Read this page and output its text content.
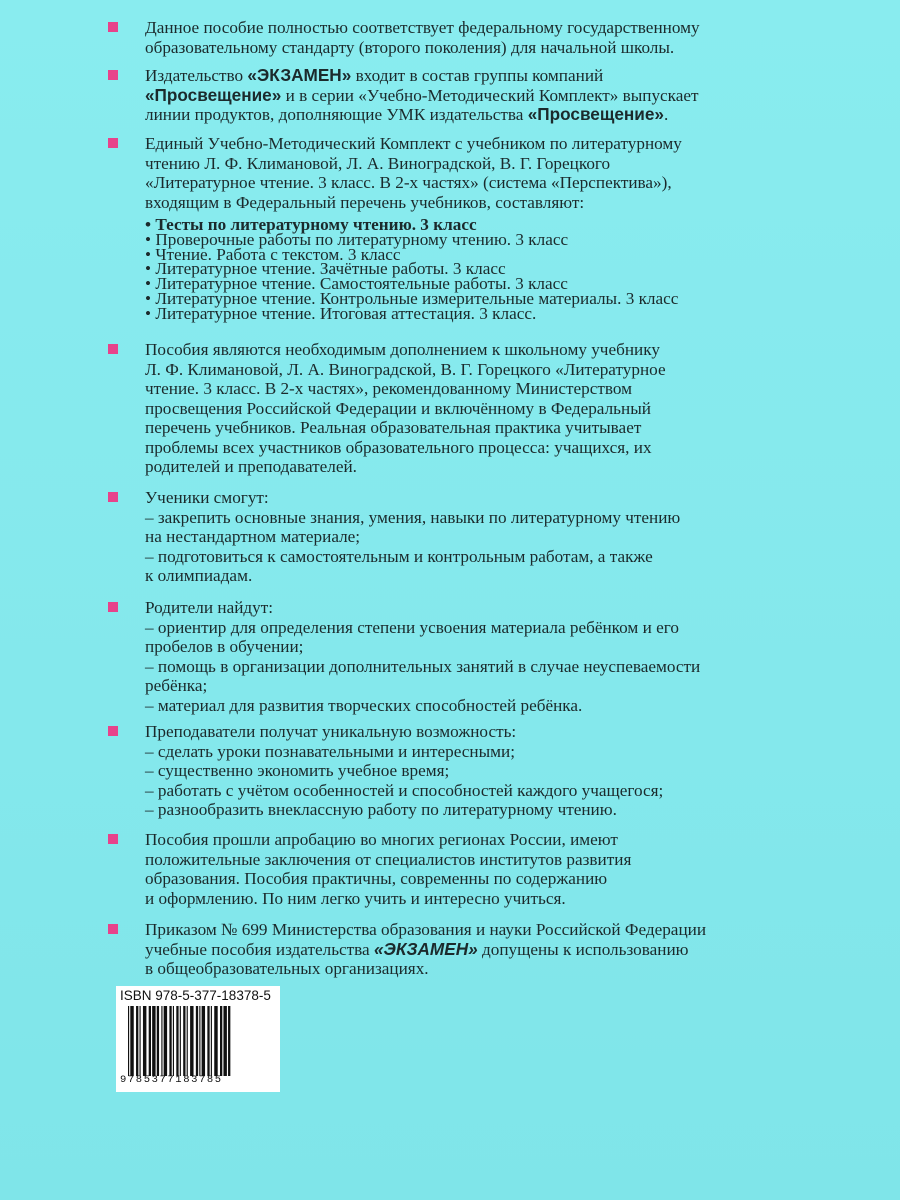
Данное пособие полностью соответствует федеральному государственному
образовательному стандарту (второго поколения) для начальной школы.
Издательство «ЭКЗАМЕН» входит в состав группы компаний
«Просвещение» и в серии «Учебно-Методический Комплект» выпускает
линии продуктов, дополняющие УМК издательства «Просвещение».
Единый Учебно-Методический Комплект с учебником по литературному
чтению Л. Ф. Климановой, Л. А. Виноградской, В. Г. Горецкого
«Литературное чтение. 3 класс. В 2-х частях» (система «Перспектива»),
входящим в Федеральный перечень учебников, составляют:
• Тесты по литературному чтению. 3 класс
• Проверочные работы по литературному чтению. 3 класс
• Чтение. Работа с текстом. 3 класс
• Литературное чтение. Зачётные работы. 3 класс
• Литературное чтение. Самостоятельные работы. 3 класс
• Литературное чтение. Контрольные измерительные материалы. 3 класс
• Литературное чтение. Итоговая аттестация. 3 класс.
Пособия являются необходимым дополнением к школьному учебнику
Л. Ф. Климановой, Л. А. Виноградской, В. Г. Горецкого «Литературное
чтение. 3 класс. В 2-х частях», рекомендованному Министерством
просвещения Российской Федерации и включённому в Федеральный
перечень учебников. Реальная образовательная практика учитывает
проблемы всех участников образовательного процесса: учащихся, их
родителей и преподавателей.
Ученики смогут:
– закрепить основные знания, умения, навыки по литературному чтению
на нестандартном материале;
– подготовиться к самостоятельным и контрольным работам, а также
к олимпиадам.
Родители найдут:
– ориентир для определения степени усвоения материала ребёнком и его
пробелов в обучении;
– помощь в организации дополнительных занятий в случае неуспеваемости
ребёнка;
– материал для развития творческих способностей ребёнка.
Преподаватели получат уникальную возможность:
– сделать уроки познавательными и интересными;
– существенно экономить учебное время;
– работать с учётом особенностей и способностей каждого учащегося;
– разнообразить внеклассную работу по литературному чтению.
Пособия прошли апробацию во многих регионах России, имеют
положительные заключения от специалистов институтов развития
образования. Пособия практичны, современны по содержанию
и оформлению. По ним легко учить и интересно учиться.
Приказом № 699 Министерства образования и науки Российской Федерации
учебные пособия издательства «ЭКЗАМЕН» допущены к использованию
в общеобразовательных организациях.
ISBN 978-5-377-18378-5
9785377183785
